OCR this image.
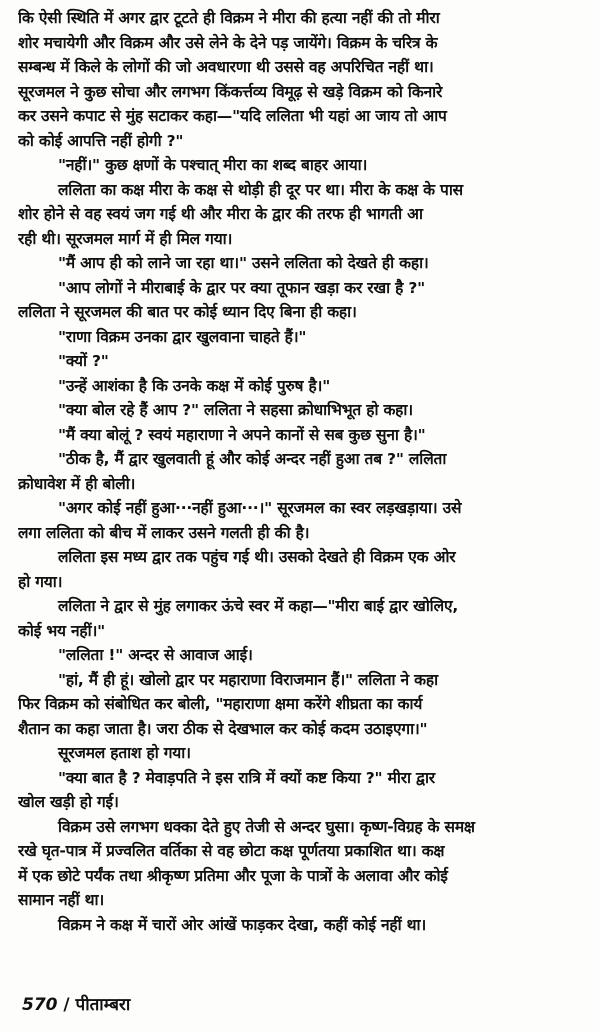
कि ऐसी स्थिति में अगर द्वार टूटते ही विक्रम ने मीरा की हत्या नहीं की तो मीरा
शोर मचायेगी और विक्रम और उसे लेने के देने पड़ जायेंगे। विक्रम के चरित्र के
सम्बन्ध में किले के लोगों की जो अवधारणा थी उससे वह अपरिचित नहीं था।
सूरजमल ने कुछ सोचा और लगभग किंकर्त्तव्य विमूढ़ से खड़े विक्रम को किनारे
कर उसने कपाट से मुंह सटाकर कहा—"यदि ललिता भी यहां आ जाय तो आप
को कोई आपत्ति नहीं होगी ?"
"नहीं।" कुछ क्षणों के पश्चात् मीरा का शब्द बाहर आया।
ललिता का कक्ष मीरा के कक्ष से थोड़ी ही दूर पर था। मीरा के कक्ष के पास
शोर होने से वह स्वयं जग गई थी और मीरा के द्वार की तरफ ही भागती आ
रही थी। सूरजमल मार्ग में ही मिल गया।
"मैं आप ही को लाने जा रहा था।" उसने ललिता को देखते ही कहा।
"आप लोगों ने मीराबाई के द्वार पर क्या तूफान खड़ा कर रखा है ?"
ललिता ने सूरजमल की बात पर कोई ध्यान दिए बिना ही कहा।
"राणा विक्रम उनका द्वार खुलवाना चाहते हैं।"
"क्यों ?"
"उन्हें आशंका है कि उनके कक्ष में कोई पुरुष है।"
"क्या बोल रहे हैं आप ?" ललिता ने सहसा क्रोधाभिभूत हो कहा।
"मैं क्या बोलूं ? स्वयं महाराणा ने अपने कानों से सब कुछ सुना है।"
"ठीक है, मैं द्वार खुलवाती हूं और कोई अन्दर नहीं हुआ तब ?" ललिता
क्रोधावेश में ही बोली।
"अगर कोई नहीं हुआ···नहीं हुआ···।" सूरजमल का स्वर लड़खड़ाया। उसे
लगा ललिता को बीच में लाकर उसने गलती ही की है।
ललिता इस मध्य द्वार तक पहुंच गई थी। उसको देखते ही विक्रम एक ओर
हो गया।
ललिता ने द्वार से मुंह लगाकर ऊंचे स्वर में कहा—"मीरा बाई द्वार खोलिए,
कोई भय नहीं।"
"ललिता !" अन्दर से आवाज आई।
"हां, मैं ही हूं। खोलो द्वार पर महाराणा विराजमान हैं।" ललिता ने कहा
फिर विक्रम को संबोधित कर बोली, "महाराणा क्षमा करेंगे शीघ्रता का कार्य
शैतान का कहा जाता है। जरा ठीक से देखभाल कर कोई कदम उठाइएगा।"
सूरजमल हताश हो गया।
"क्या बात है ? मेवाड़पति ने इस रात्रि में क्यों कष्ट किया ?" मीरा द्वार
खोल खड़ी हो गई।
विक्रम उसे लगभग धक्का देते हुए तेजी से अन्दर घुसा। कृष्ण-विग्रह के समक्ष
रखे घृत-पात्र में प्रज्वलित वर्तिका से वह छोटा कक्ष पूर्णतया प्रकाशित था। कक्ष
में एक छोटे पर्यंक तथा श्रीकृष्ण प्रतिमा और पूजा के पात्रों के अलावा और कोई
सामान नहीं था।
विक्रम ने कक्ष में चारों ओर आंखें फाड़कर देखा, कहीं कोई नहीं था।
570 / पीताम्बरा
